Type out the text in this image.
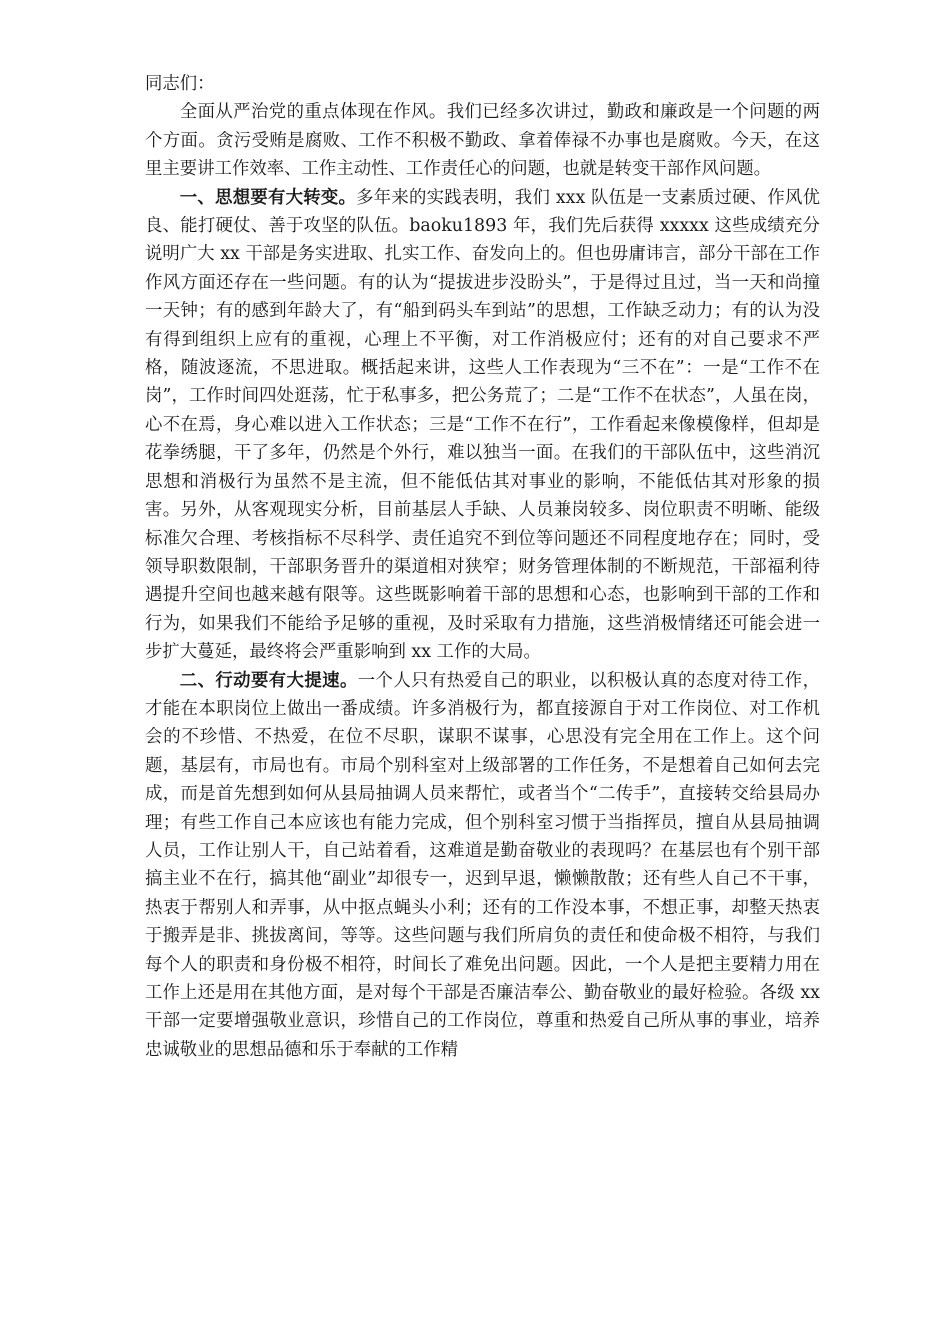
同志们：

全面从严治党的重点体现在作风。我们已经多次讲过，勤政和廉政是一个问题的两个方面。贪污受贿是腐败、工作不积极不勤政、拿着俸禄不办事也是腐败。今天，在这里主要讲工作效率、工作主动性、工作责任心的问题，也就是转变干部作风问题。

一、思想要有大转变。多年来的实践表明，我们 xxx 队伍是一支素质过硬、作风优良、能打硬仗、善于攻坚的队伍。baoku1893 年，我们先后获得 xxxxx 这些成绩充分说明广大 xx 干部是务实进取、扎实工作、奋发向上的。但也毋庸讳言，部分干部在工作作风方面还存在一些问题。有的认为“提拔进步没盼头”，于是得过且过，当一天和尚撞一天钟；有的感到年龄大了，有“船到码头车到站”的思想，工作缺乏动力；有的认为没有得到组织上应有的重视，心理上不平衡，对工作消极应付；还有的对自己要求不严格，随波逐流，不思进取。概括起来讲，这些人工作表现为“三不在”：一是“工作不在岗”，工作时间四处逛荡，忙于私事多，把公务荒了；二是“工作不在状态”，人虽在岗，心不在焉，身心难以进入工作状态；三是“工作不在行”，工作看起来像模像样，但却是花拳绣腿，干了多年，仍然是个外行，难以独当一面。在我们的干部队伍中，这些消沉思想和消极行为虽然不是主流，但不能低估其对事业的影响，不能低估其对形象的损害。另外，从客观现实分析，目前基层人手缺、人员兼岗较多、岗位职责不明晰、能级标准欠合理、考核指标不尽科学、责任追究不到位等问题还不同程度地存在；同时，受领导职数限制，干部职务晋升的渠道相对狭窄；财务管理体制的不断规范，干部福利待遇提升空间也越来越有限等。这些既影响着干部的思想和心态，也影响到干部的工作和行为，如果我们不能给予足够的重视，及时采取有力措施，这些消极情绪还可能会进一步扩大蔓延，最终将会严重影响到 xx 工作的大局。

二、行动要有大提速。一个人只有热爱自己的职业，以积极认真的态度对待工作，才能在本职岗位上做出一番成绩。许多消极行为，都直接源自于对工作岗位、对工作机会的不珍惜、不热爱，在位不尽职，谋职不谋事，心思没有完全用在工作上。这个问题，基层有，市局也有。市局个别科室对上级部署的工作任务，不是想着自己如何去完成，而是首先想到如何从县局抽调人员来帮忙，或者当个“二传手”，直接转交给县局办理；有些工作自己本应该也有能力完成，但个别科室习惯于当指挥员，擅自从县局抽调人员，工作让别人干，自己站着看，这难道是勤奋敬业的表现吗？在基层也有个别干部搞主业不在行，搞其他“副业”却很专一，迟到早退，懒懒散散；还有些人自己不干事，热衷于帮别人和弄事，从中抠点蝇头小利；还有的工作没本事，不想正事，却整天热衷于搬弄是非、挑拔离间，等等。这些问题与我们所肩负的责任和使命极不相符，与我们每个人的职责和身份极不相符，时间长了难免出问题。因此，一个人是把主要精力用在工作上还是用在其他方面，是对每个干部是否廉洁奉公、勤奋敬业的最好检验。各级 xx 干部一定要增强敬业意识，珍惜自己的工作岗位，尊重和热爱自己所从事的事业，培养忠诚敬业的思想品德和乐于奉献的工作精
